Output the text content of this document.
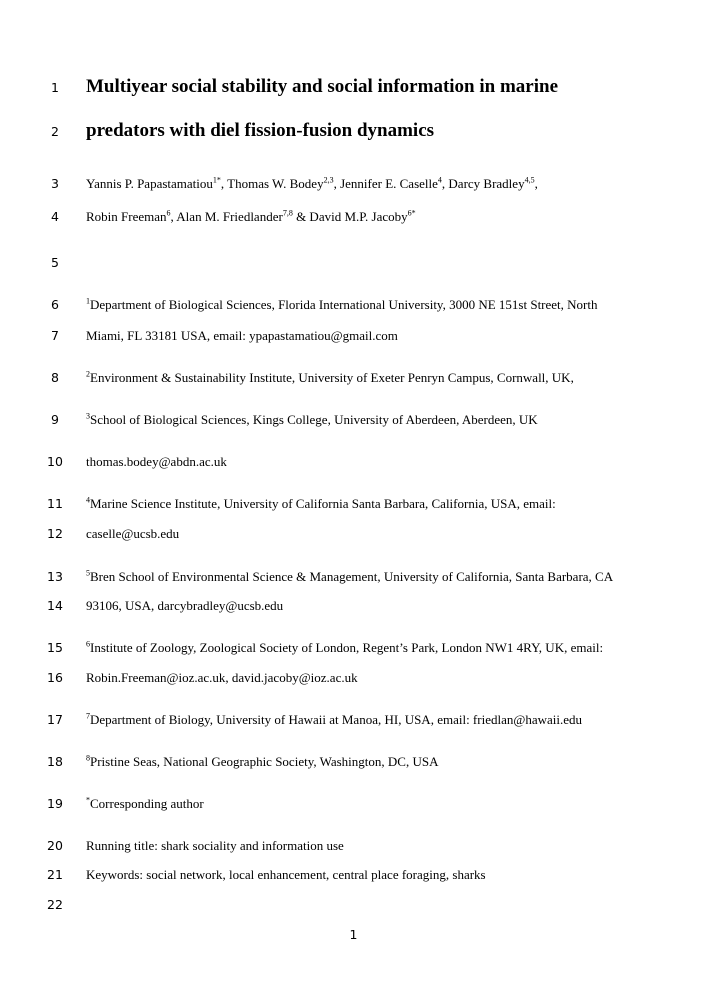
1
2
3
4
5
6
7
8
9
10
11
12
13
14
15
16
17
18
19
20
21
22
Multiyear social stability and social information in marine
predators with diel fission-fusion dynamics
Yannis P. Papastamatiou$^{1*}$, Thomas W. Bodey$^{2,3}$, Jennifer E. Caselle$^4$, Darcy Bradley$^{4,5}$,
Robin Freeman$^6$, Alan M. Friedlander$^{7,8}$ & David M.P. Jacoby$^{6*}$
$^1$Department of Biological Sciences, Florida International University, 3000 NE 151st Street, North
Miami, FL 33181 USA, email: ypapastamatiou@gmail.com
$^2$Environment & Sustainability Institute, University of Exeter Penryn Campus, Cornwall, UK,
$^3$School of Biological Sciences, Kings College, University of Aberdeen, Aberdeen, UK
thomas.bodey@abdn.ac.uk
$^4$Marine Science Institute, University of California Santa Barbara, California, USA, email:
caselle@ucsb.edu
$^5$Bren School of Environmental Science & Management, University of California, Santa Barbara, CA
93106, USA, darcybradley@ucsb.edu
$^6$Institute of Zoology, Zoological Society of London, Regent’s Park, London NW1 4RY, UK, email:
Robin.Freeman@ioz.ac.uk, david.jacoby@ioz.ac.uk
$^7$Department of Biology, University of Hawaii at Manoa, HI, USA, email: friedlan@hawaii.edu
$^8$Pristine Seas, National Geographic Society, Washington, DC, USA
*Corresponding author
Running title: shark sociality and information use
Keywords: social network, local enhancement, central place foraging, sharks
1
